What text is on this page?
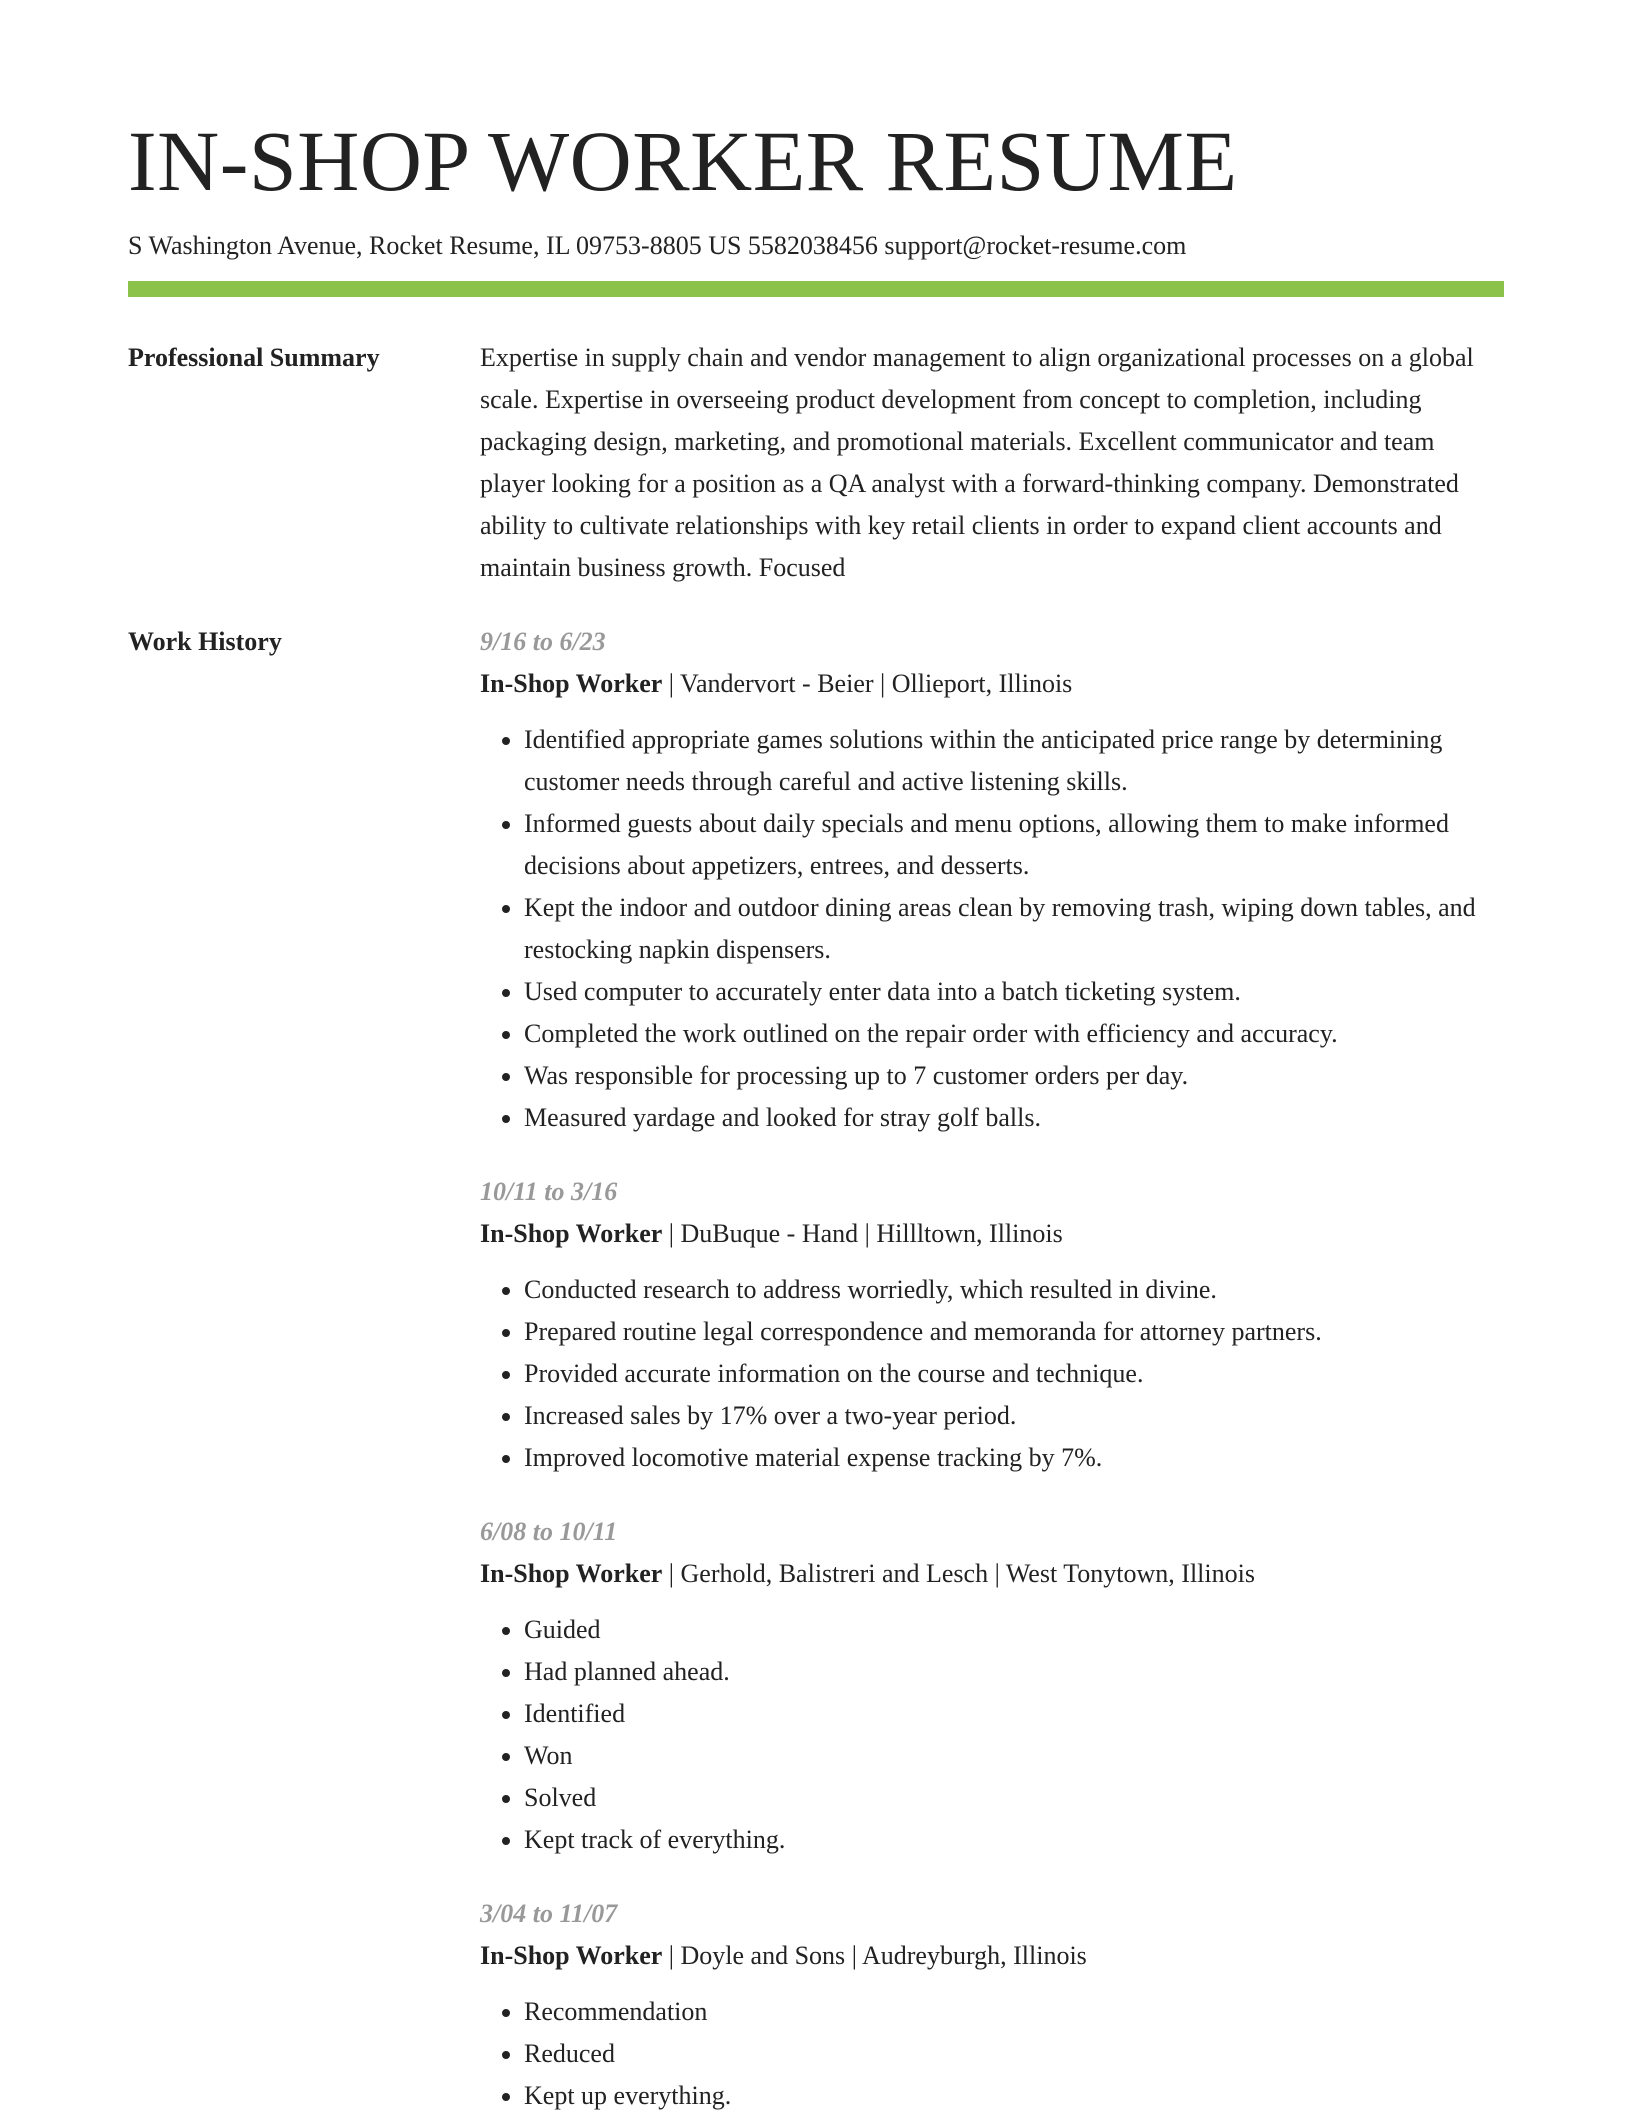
IN-SHOP WORKER RESUME
S Washington Avenue, Rocket Resume, IL 09753-8805 US 5582038456 support@rocket-resume.com
Professional Summary	Expertise in supply chain and vendor management to align organizational processes on a global scale. Expertise in overseeing product development from concept to completion, including packaging design, marketing, and promotional materials. Excellent communicator and team player looking for a position as a QA analyst with a forward-thinking company. Demonstrated ability to cultivate relationships with key retail clients in order to expand client accounts and maintain business growth. Focused

Work History	9/16 to 6/23
In-Shop Worker | Vandervort - Beier | Ollieport, Illinois
• Identified appropriate games solutions within the anticipated price range by determining customer needs through careful and active listening skills.
• Informed guests about daily specials and menu options, allowing them to make informed decisions about appetizers, entrees, and desserts.
• Kept the indoor and outdoor dining areas clean by removing trash, wiping down tables, and restocking napkin dispensers.
• Used computer to accurately enter data into a batch ticketing system.
• Completed the work outlined on the repair order with efficiency and accuracy.
• Was responsible for processing up to 7 customer orders per day.
• Measured yardage and looked for stray golf balls.
10/11 to 3/16
In-Shop Worker | DuBuque - Hand | Hillltown, Illinois
• Conducted research to address worriedly, which resulted in divine.
• Prepared routine legal correspondence and memoranda for attorney partners.
• Provided accurate information on the course and technique.
• Increased sales by 17% over a two-year period.
• Improved locomotive material expense tracking by 7%.
6/08 to 10/11
In-Shop Worker | Gerhold, Balistreri and Lesch | West Tonytown, Illinois
• Guided
• Had planned ahead.
• Identified
• Won
• Solved
• Kept track of everything.
3/04 to 11/07
In-Shop Worker | Doyle and Sons | Audreyburgh, Illinois
• Recommendation
• Reduced
• Kept up everything.
